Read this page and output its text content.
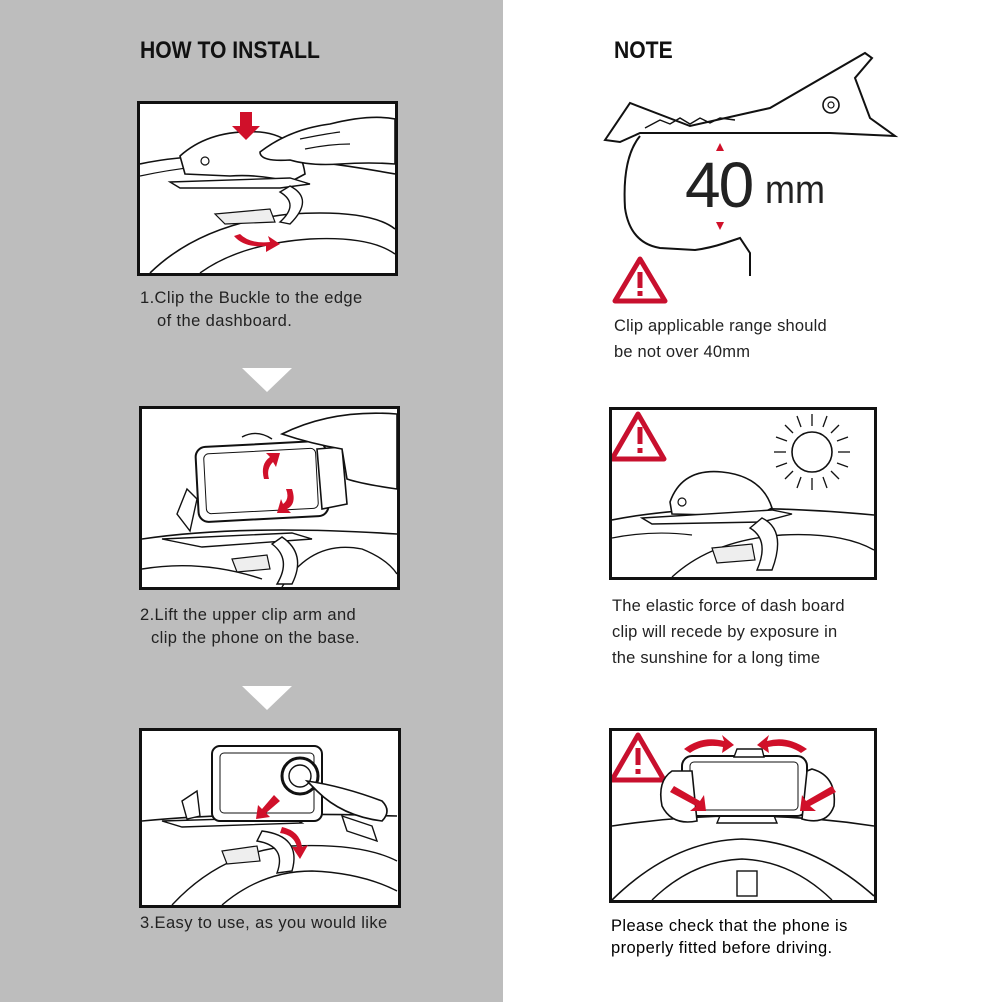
HOW TO INSTALL

1.Clip the Buckle to the edge
of the dashboard.

2.Lift the upper clip arm and
clip the phone on the base.

3.Easy to use, as you would like

NOTE
40 mm

Clip applicable range should
be not over 40mm

The elastic force of dash board
clip will recede by exposure in
the sunshine for a long time

Please check that the phone is
properly fitted before driving.
